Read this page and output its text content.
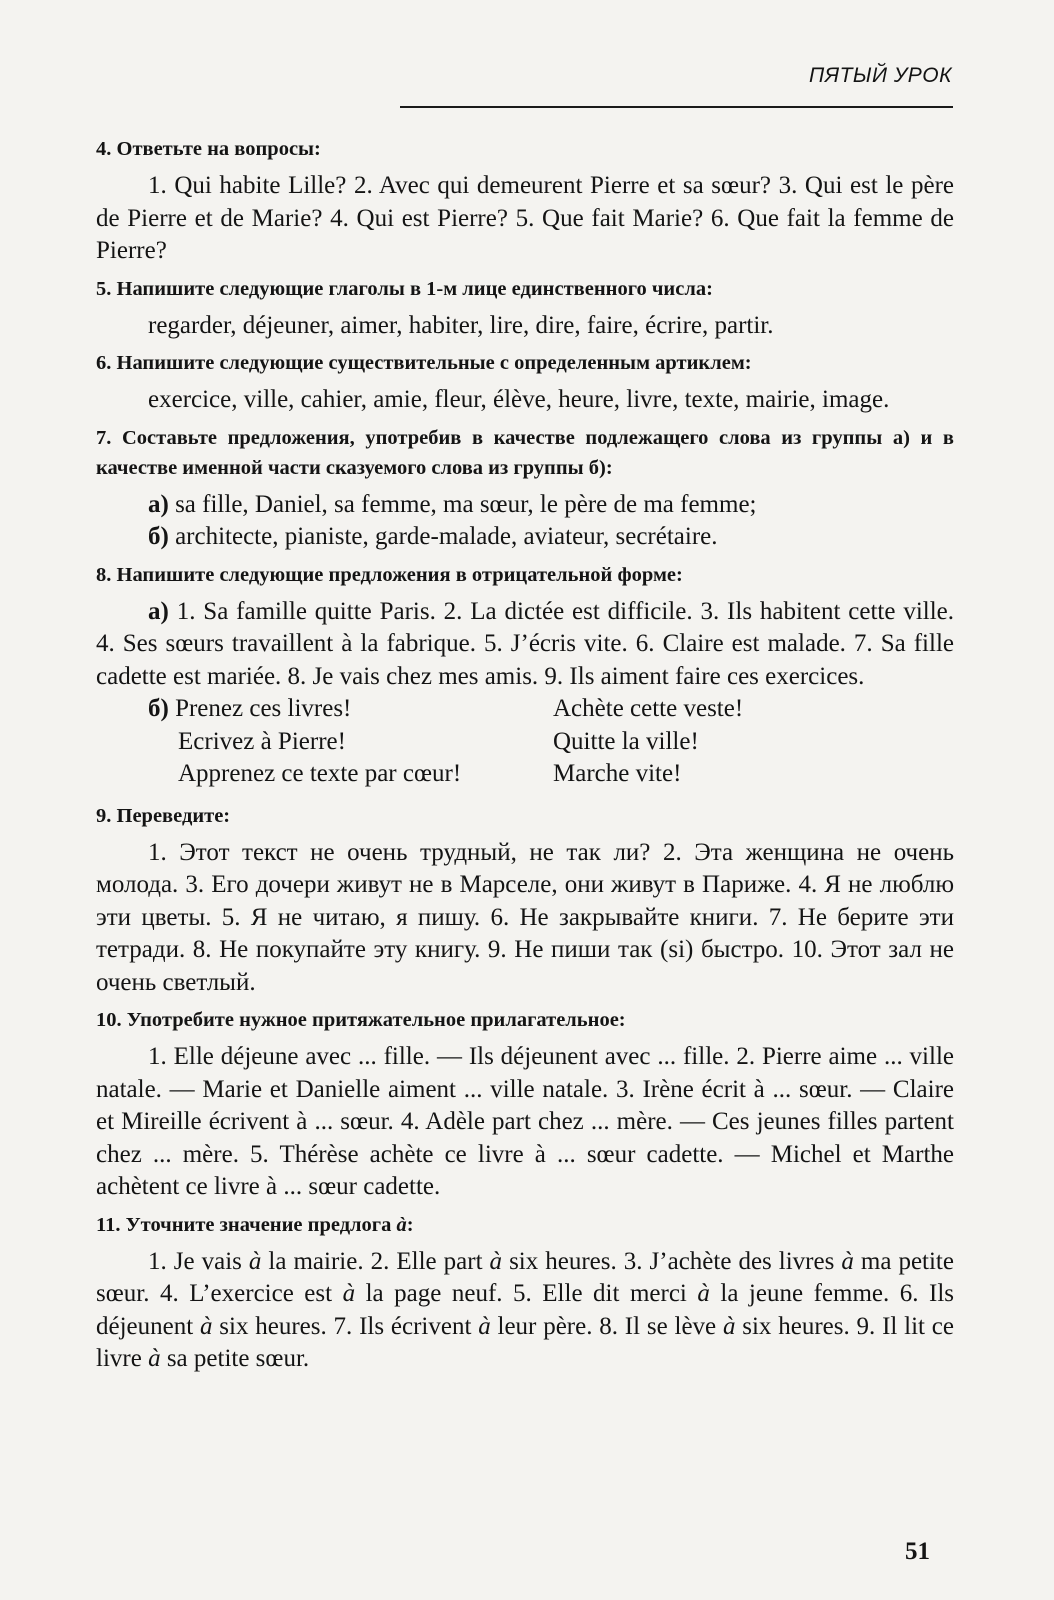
ПЯТЫЙ УРОК

4. Ответьте на вопросы:

1. Qui habite Lille? 2. Avec qui demeurent Pierre et sa sœur? 3. Qui est le père de Pierre et de Marie? 4. Qui est Pierre? 5. Que fait Marie? 6. Que fait la femme de Pierre?

5. Напишите следующие глаголы в 1-м лице единственного числа:

regarder, déjeuner, aimer, habiter, lire, dire, faire, écrire, partir.

6. Напишите следующие существительные с определенным артиклем:

exercice, ville, cahier, amie, fleur, élève, heure, livre, texte, mairie, image.

7. Составьте предложения, употребив в качестве подлежащего слова из группы а) и в качестве именной части сказуемого слова из группы б):

а) sa fille, Daniel, sa femme, ma sœur, le père de ma femme;

б) architecte, pianiste, garde-malade, aviateur, secrétaire.

8. Напишите следующие предложения в отрицательной форме:

а) 1. Sa famille quitte Paris. 2. La dictée est difficile. 3. Ils habitent cette ville. 4. Ses sœurs travaillent à la fabrique. 5. J’écris vite. 6. Claire est malade. 7. Sa fille cadette est mariée. 8. Je vais chez mes amis. 9. Ils aiment faire ces exercices.

б) Prenez ces livres!	Achète cette veste!
Ecrivez à Pierre!	Quitte la ville!
Apprenez ce texte par cœur!	Marche vite!

9. Переведите:

1. Этот текст не очень трудный, не так ли? 2. Эта женщина не очень молода. 3. Его дочери живут не в Марселе, они живут в Париже. 4. Я не люблю эти цветы. 5. Я не читаю, я пишу. 6. Не закрывайте книги. 7. Не берите эти тетради. 8. Не покупайте эту книгу. 9. Не пиши так (si) быстро. 10. Этот зал не очень светлый.

10. Употребите нужное притяжательное прилагательное:

1. Elle déjeune avec ... fille. — Ils déjeunent avec ... fille. 2. Pierre aime ... ville natale. — Marie et Danielle aiment ... ville natale. 3. Irène écrit à ... sœur. — Claire et Mireille écrivent à ... sœur. 4. Adèle part chez ... mère. — Ces jeunes filles partent chez ... mère. 5. Thérèse achète ce livre à ... sœur cadette. — Michel et Marthe achètent ce livre à ... sœur cadette.

11. Уточните значение предлога à:

1. Je vais à la mairie. 2. Elle part à six heures. 3. J’achète des livres à ma petite sœur. 4. L’exercice est à la page neuf. 5. Elle dit merci à la jeune femme. 6. Ils déjeunent à six heures. 7. Ils écrivent à leur père. 8. Il se lève à six heures. 9. Il lit ce livre à sa petite sœur.

51
